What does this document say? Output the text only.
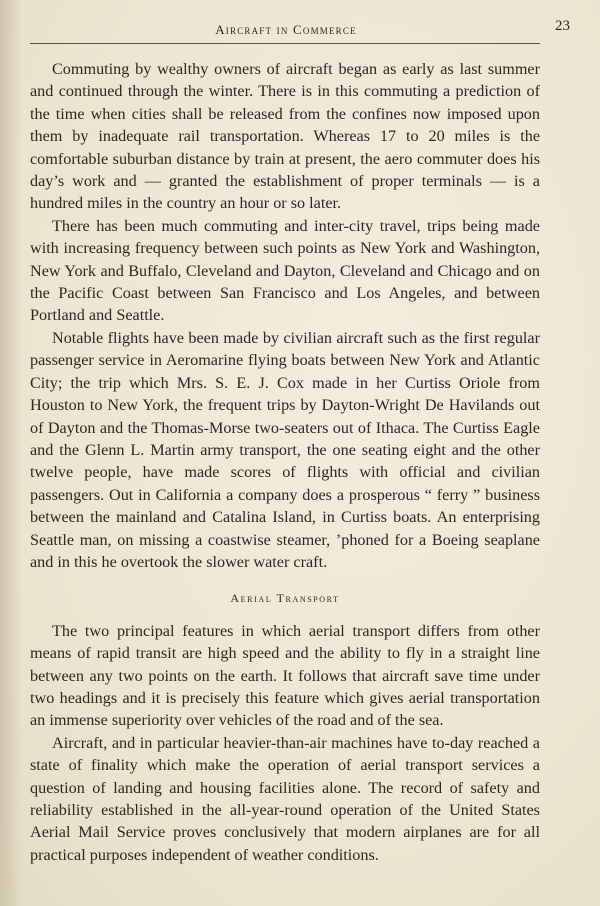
Aircraft in Commerce	23

Commuting by wealthy owners of aircraft began as early as last summer and continued through the winter. There is in this commuting a prediction of the time when cities shall be released from the confines now imposed upon them by inadequate rail transportation. Whereas 17 to 20 miles is the comfortable suburban distance by train at present, the aero commuter does his day’s work and — granted the establishment of proper terminals — is a hundred miles in the country an hour or so later.

There has been much commuting and inter-city travel, trips being made with increasing frequency between such points as New York and Washington, New York and Buffalo, Cleveland and Dayton, Cleveland and Chicago and on the Pacific Coast between San Francisco and Los Angeles, and between Portland and Seattle.

Notable flights have been made by civilian aircraft such as the first regular passenger service in Aeromarine flying boats between New York and Atlantic City; the trip which Mrs. S. E. J. Cox made in her Curtiss Oriole from Houston to New York, the frequent trips by Dayton-Wright De Havilands out of Dayton and the Thomas-Morse two-seaters out of Ithaca. The Curtiss Eagle and the Glenn L. Martin army transport, the one seating eight and the other twelve people, have made scores of flights with official and civilian passengers. Out in California a company does a prosperous “ ferry ” business between the mainland and Catalina Island, in Curtiss boats. An enterprising Seattle man, on missing a coastwise steamer, ’phoned for a Boeing seaplane and in this he overtook the slower water craft.

Aerial Transport

The two principal features in which aerial transport differs from other means of rapid transit are high speed and the ability to fly in a straight line between any two points on the earth. It follows that aircraft save time under two headings and it is precisely this feature which gives aerial transportation an immense superiority over vehicles of the road and of the sea.

Aircraft, and in particular heavier-than-air machines have to-day reached a state of finality which make the operation of aerial transport services a question of landing and housing facilities alone. The record of safety and reliability established in the all-year-round operation of the United States Aerial Mail Service proves conclusively that modern airplanes are for all practical purposes independent of weather conditions.
